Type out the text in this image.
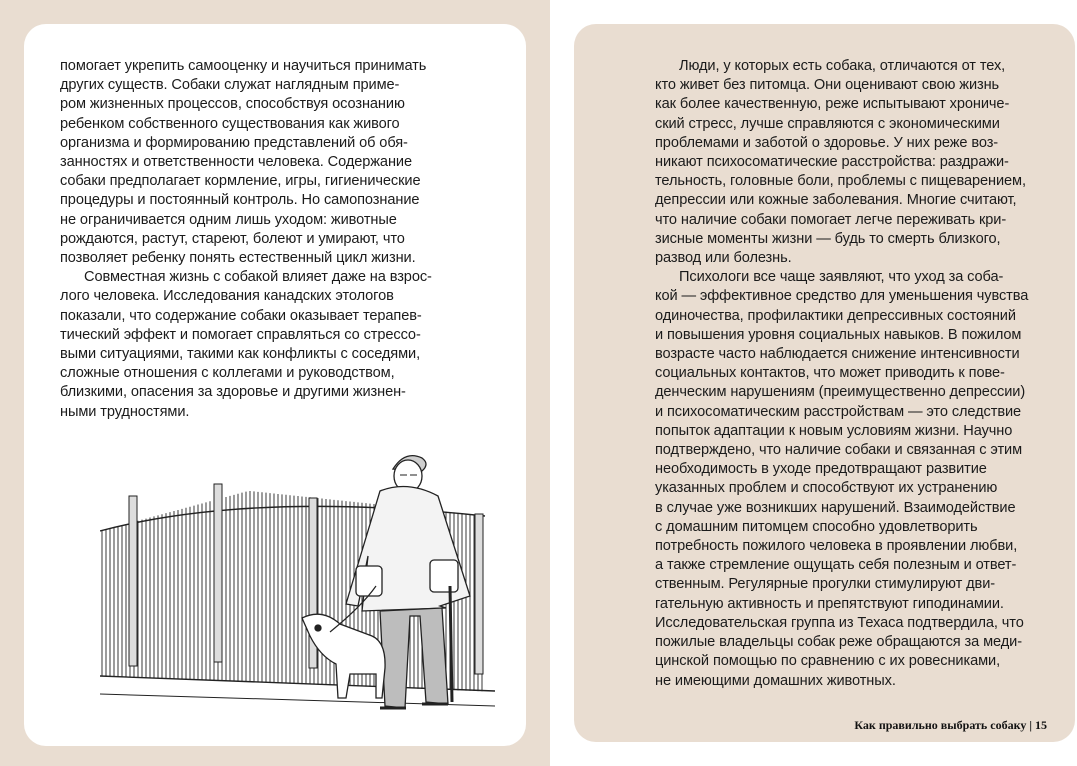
помогает укрепить самооценку и научиться принимать
других существ. Собаки служат наглядным приме-
ром жизненных процессов, способствуя осознанию
ребенком собственного существования как живого
организма и формированию представлений об обя-
занностях и ответственности человека. Содержание
собаки предполагает кормление, игры, гигиенические
процедуры и постоянный контроль. Но самопознание
не ограничивается одним лишь уходом: животные
рождаются, растут, стареют, болеют и умирают, что
позволяет ребенку понять естественный цикл жизни.

Совместная жизнь с собакой влияет даже на взрос-
лого человека. Исследования канадских этологов
показали, что содержание собаки оказывает терапев-
тический эффект и помогает справляться со стрессо-
выми ситуациями, такими как конфликты с соседями,
сложные отношения с коллегами и руководством,
близкими, опасения за здоровье и другими жизнен-
ными трудностями.

Люди, у которых есть собака, отличаются от тех,
кто живет без питомца. Они оценивают свою жизнь
как более качественную, реже испытывают хрониче-
ский стресс, лучше справляются с экономическими
проблемами и заботой о здоровье. У них реже воз-
никают психосоматические расстройства: раздражи-
тельность, головные боли, проблемы с пищеварением,
депрессии или кожные заболевания. Многие считают,
что наличие собаки помогает легче переживать кри-
зисные моменты жизни — будь то смерть близкого,
развод или болезнь.

Психологи все чаще заявляют, что уход за соба-
кой — эффективное средство для уменьшения чувства
одиночества, профилактики депрессивных состояний
и повышения уровня социальных навыков. В пожилом
возрасте часто наблюдается снижение интенсивности
социальных контактов, что может приводить к пове-
денческим нарушениям (преимущественно депрессии)
и психосоматическим расстройствам — это следствие
попыток адаптации к новым условиям жизни. Научно
подтверждено, что наличие собаки и связанная с этим
необходимость в уходе предотвращают развитие
указанных проблем и способствуют их устранению
в случае уже возникших нарушений. Взаимодействие
с домашним питомцем способно удовлетворить
потребность пожилого человека в проявлении любви,
а также стремление ощущать себя полезным и ответ-
ственным. Регулярные прогулки стимулируют дви-
гательную активность и препятствуют гиподинамии.
Исследовательская группа из Техаса подтвердила, что
пожилые владельцы собак реже обращаются за меди-
цинской помощью по сравнению с их ровесниками,
не имеющими домашних животных.

Как правильно выбрать собаку | 15
